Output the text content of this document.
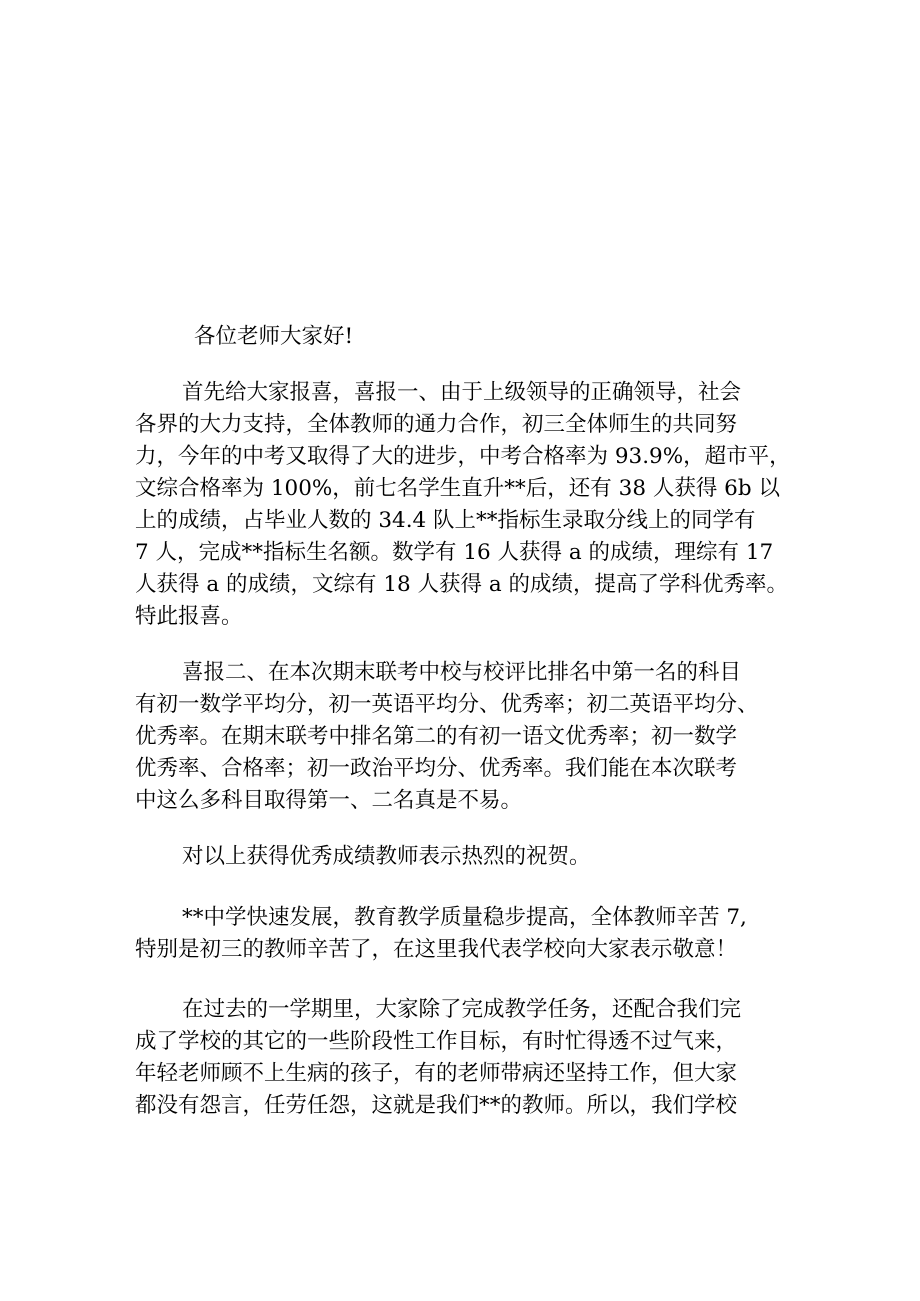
各位老师大家好!
首先给大家报喜，喜报一、由于上级领导的正确领导，社会
各界的大力支持，全体教师的通力合作，初三全体师生的共同努
力，今年的中考又取得了大的进步，中考合格率为 93.9%，超市平，
文综合格率为 100%，前七名学生直升**后，还有 38 人获得 6b 以
上的成绩，占毕业人数的 34.4 队上**指标生录取分线上的同学有
7 人，完成**指标生名额。数学有 16 人获得 a 的成绩，理综有 17
人获得 a 的成绩，文综有 18 人获得 a 的成绩，提高了学科优秀率。
特此报喜。
喜报二、在本次期末联考中校与校评比排名中第一名的科目
有初一数学平均分，初一英语平均分、优秀率；初二英语平均分、
优秀率。在期末联考中排名第二的有初一语文优秀率；初一数学
优秀率、合格率；初一政治平均分、优秀率。我们能在本次联考
中这么多科目取得第一、二名真是不易。
对以上获得优秀成绩教师表示热烈的祝贺。
**中学快速发展，教育教学质量稳步提高，全体教师辛苦 7,
特别是初三的教师辛苦了，在这里我代表学校向大家表示敬意！
在过去的一学期里，大家除了完成教学任务，还配合我们完
成了学校的其它的一些阶段性工作目标，有时忙得透不过气来，
年轻老师顾不上生病的孩子，有的老师带病还坚持工作，但大家
都没有怨言，任劳任怨，这就是我们**的教师。所以，我们学校
